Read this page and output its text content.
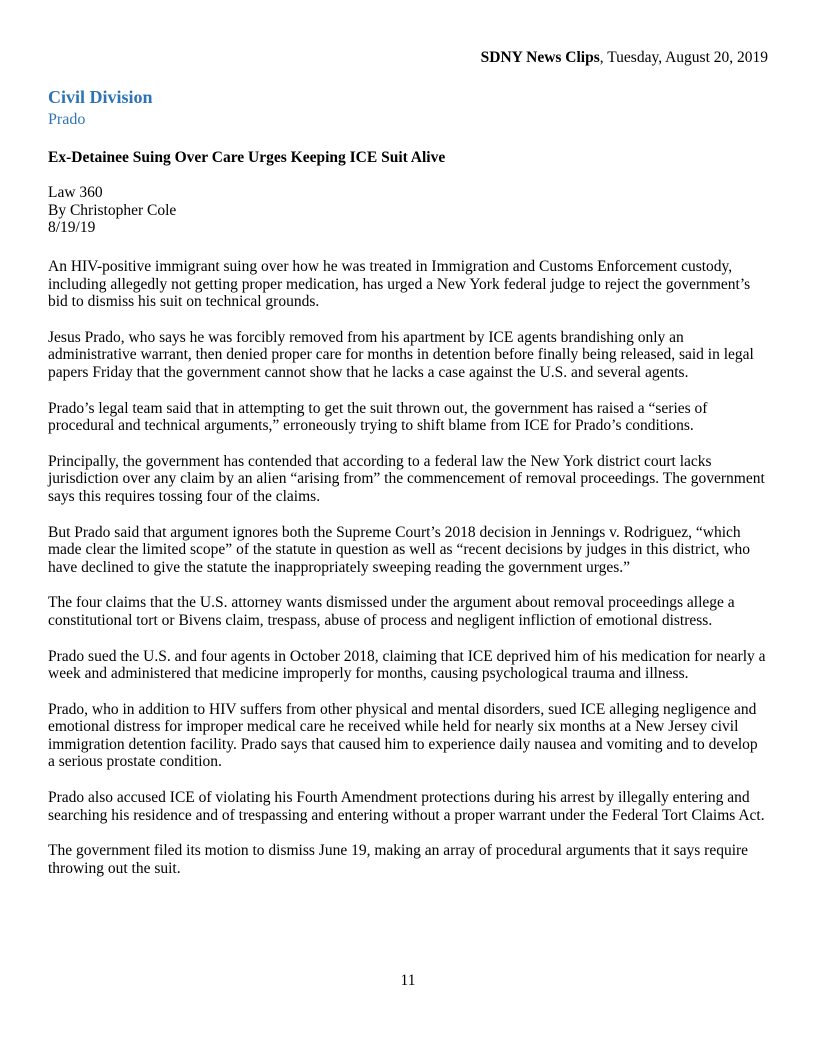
SDNY News Clips, Tuesday, August 20, 2019
Civil Division
Prado
Ex-Detainee Suing Over Care Urges Keeping ICE Suit Alive
Law 360
By Christopher Cole
8/19/19

An HIV-positive immigrant suing over how he was treated in Immigration and Customs Enforcement custody, including allegedly not getting proper medication, has urged a New York federal judge to reject the government’s bid to dismiss his suit on technical grounds.

Jesus Prado, who says he was forcibly removed from his apartment by ICE agents brandishing only an administrative warrant, then denied proper care for months in detention before finally being released, said in legal papers Friday that the government cannot show that he lacks a case against the U.S. and several agents.

Prado’s legal team said that in attempting to get the suit thrown out, the government has raised a “series of procedural and technical arguments,” erroneously trying to shift blame from ICE for Prado’s conditions.

Principally, the government has contended that according to a federal law the New York district court lacks jurisdiction over any claim by an alien “arising from” the commencement of removal proceedings. The government says this requires tossing four of the claims.

But Prado said that argument ignores both the Supreme Court’s 2018 decision in Jennings v. Rodriguez, “which made clear the limited scope” of the statute in question as well as “recent decisions by judges in this district, who have declined to give the statute the inappropriately sweeping reading the government urges.”

The four claims that the U.S. attorney wants dismissed under the argument about removal proceedings allege a constitutional tort or Bivens claim, trespass, abuse of process and negligent infliction of emotional distress.

Prado sued the U.S. and four agents in October 2018, claiming that ICE deprived him of his medication for nearly a week and administered that medicine improperly for months, causing psychological trauma and illness.

Prado, who in addition to HIV suffers from other physical and mental disorders, sued ICE alleging negligence and emotional distress for improper medical care he received while held for nearly six months at a New Jersey civil immigration detention facility. Prado says that caused him to experience daily nausea and vomiting and to develop a serious prostate condition.

Prado also accused ICE of violating his Fourth Amendment protections during his arrest by illegally entering and searching his residence and of trespassing and entering without a proper warrant under the Federal Tort Claims Act.

The government filed its motion to dismiss June 19, making an array of procedural arguments that it says require throwing out the suit.

11
